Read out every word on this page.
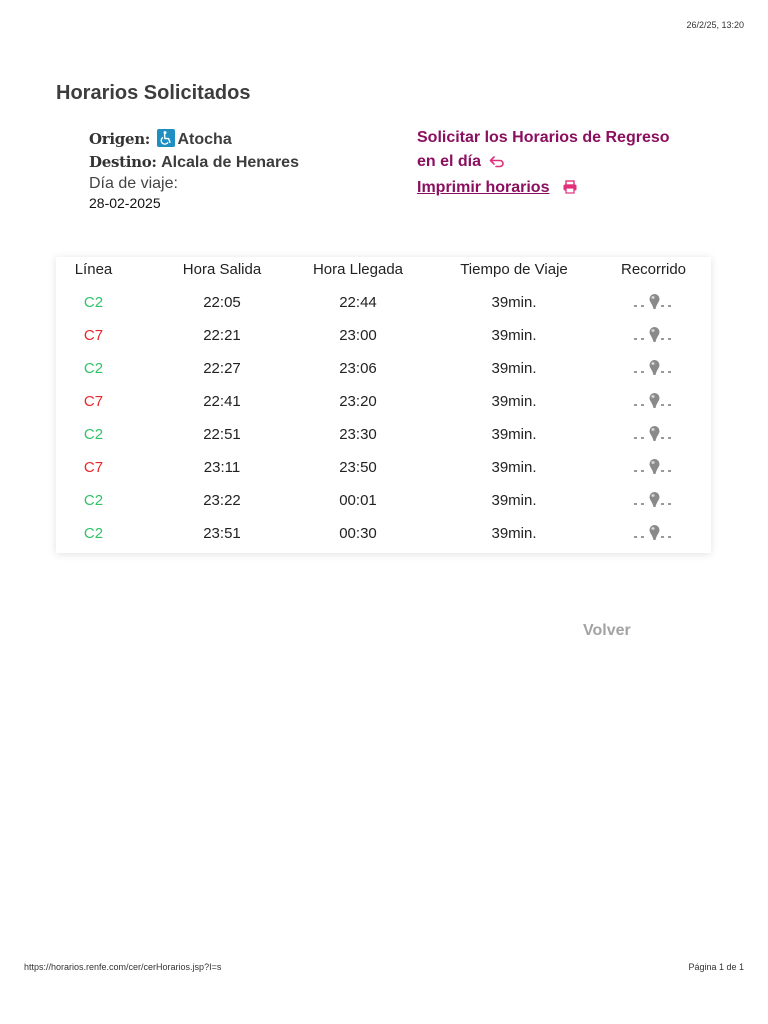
26/2/25, 13:20
Horarios Solicitados
Origen: Atocha
Destino: Alcala de Henares
Día de viaje:
28-02-2025
Solicitar los Horarios de Regreso
en el día
Imprimir horarios
Línea	Hora Salida	Hora Llegada	Tiempo de Viaje	Recorrido
C2	22:05	22:44	39min.
C7	22:21	23:00	39min.
C2	22:27	23:06	39min.
C7	22:41	23:20	39min.
C2	22:51	23:30	39min.
C7	23:11	23:50	39min.
C2	23:22	00:01	39min.
C2	23:51	00:30	39min.
Volver
https://horarios.renfe.com/cer/cerHorarios.jsp?I=s	Página 1 de 1
